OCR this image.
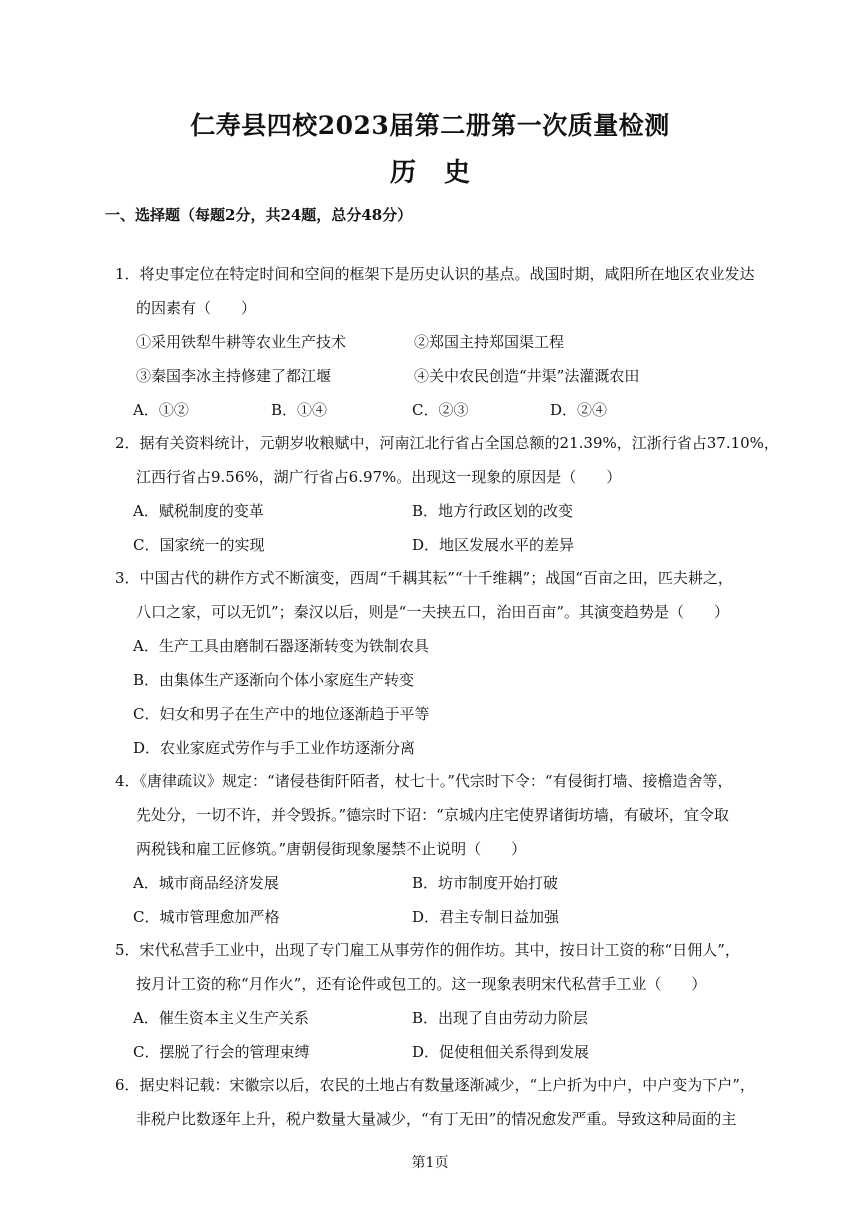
仁寿县四校2023届第二册第一次质量检测
历 史
一、选择题（每题2分，共24题，总分48分）
1．将史事定位在特定时间和空间的框架下是历史认识的基点。战国时期，咸阳所在地区农业发达
的因素有（　　）
①采用铁犁牛耕等农业生产技术	②郑国主持郑国渠工程
③秦国李冰主持修建了都江堰	④关中农民创造“井渠”法灌溉农田
A．①②	B．①④	C．②③	D．②④
2．据有关资料统计，元朝岁收粮赋中，河南江北行省占全国总额的21.39%，江浙行省占37.10%，
江西行省占9.56%，湖广行省占6.97%。出现这一现象的原因是（　　）
A．赋税制度的变革	B．地方行政区划的改变
C．国家统一的实现	D．地区发展水平的差异
3．中国古代的耕作方式不断演变，西周“千耦其耘”“十千维耦”；战国“百亩之田，匹夫耕之，
八口之家，可以无饥”；秦汉以后，则是“一夫挟五口，治田百亩”。其演变趋势是（　　）
A．生产工具由磨制石器逐渐转变为铁制农具
B．由集体生产逐渐向个体小家庭生产转变
C．妇女和男子在生产中的地位逐渐趋于平等
D．农业家庭式劳作与手工业作坊逐渐分离
4．《唐律疏议》规定：“诸侵巷街阡陌者，杖七十。”代宗时下令：“有侵街打墙、接檐造舍等，
先处分，一切不许，并令毁拆。”德宗时下诏：“京城内庄宅使界诸街坊墙，有破坏，宜令取
两税钱和雇工匠修筑。”唐朝侵街现象屡禁不止说明（　　）
A．城市商品经济发展	B．坊市制度开始打破
C．城市管理愈加严格	D．君主专制日益加强
5．宋代私营手工业中，出现了专门雇工从事劳作的佣作坊。其中，按日计工资的称“日佣人”，
按月计工资的称“月作火”，还有论件或包工的。这一现象表明宋代私营手工业（　　）
A．催生资本主义生产关系	B．出现了自由劳动力阶层
C．摆脱了行会的管理束缚	D．促使租佃关系得到发展
6．据史料记载：宋徽宗以后，农民的土地占有数量逐渐减少，“上户折为中户，中户变为下户”，
非税户比数逐年上升，税户数量大量减少，“有丁无田”的情况愈发严重。导致这种局面的主
第1页
